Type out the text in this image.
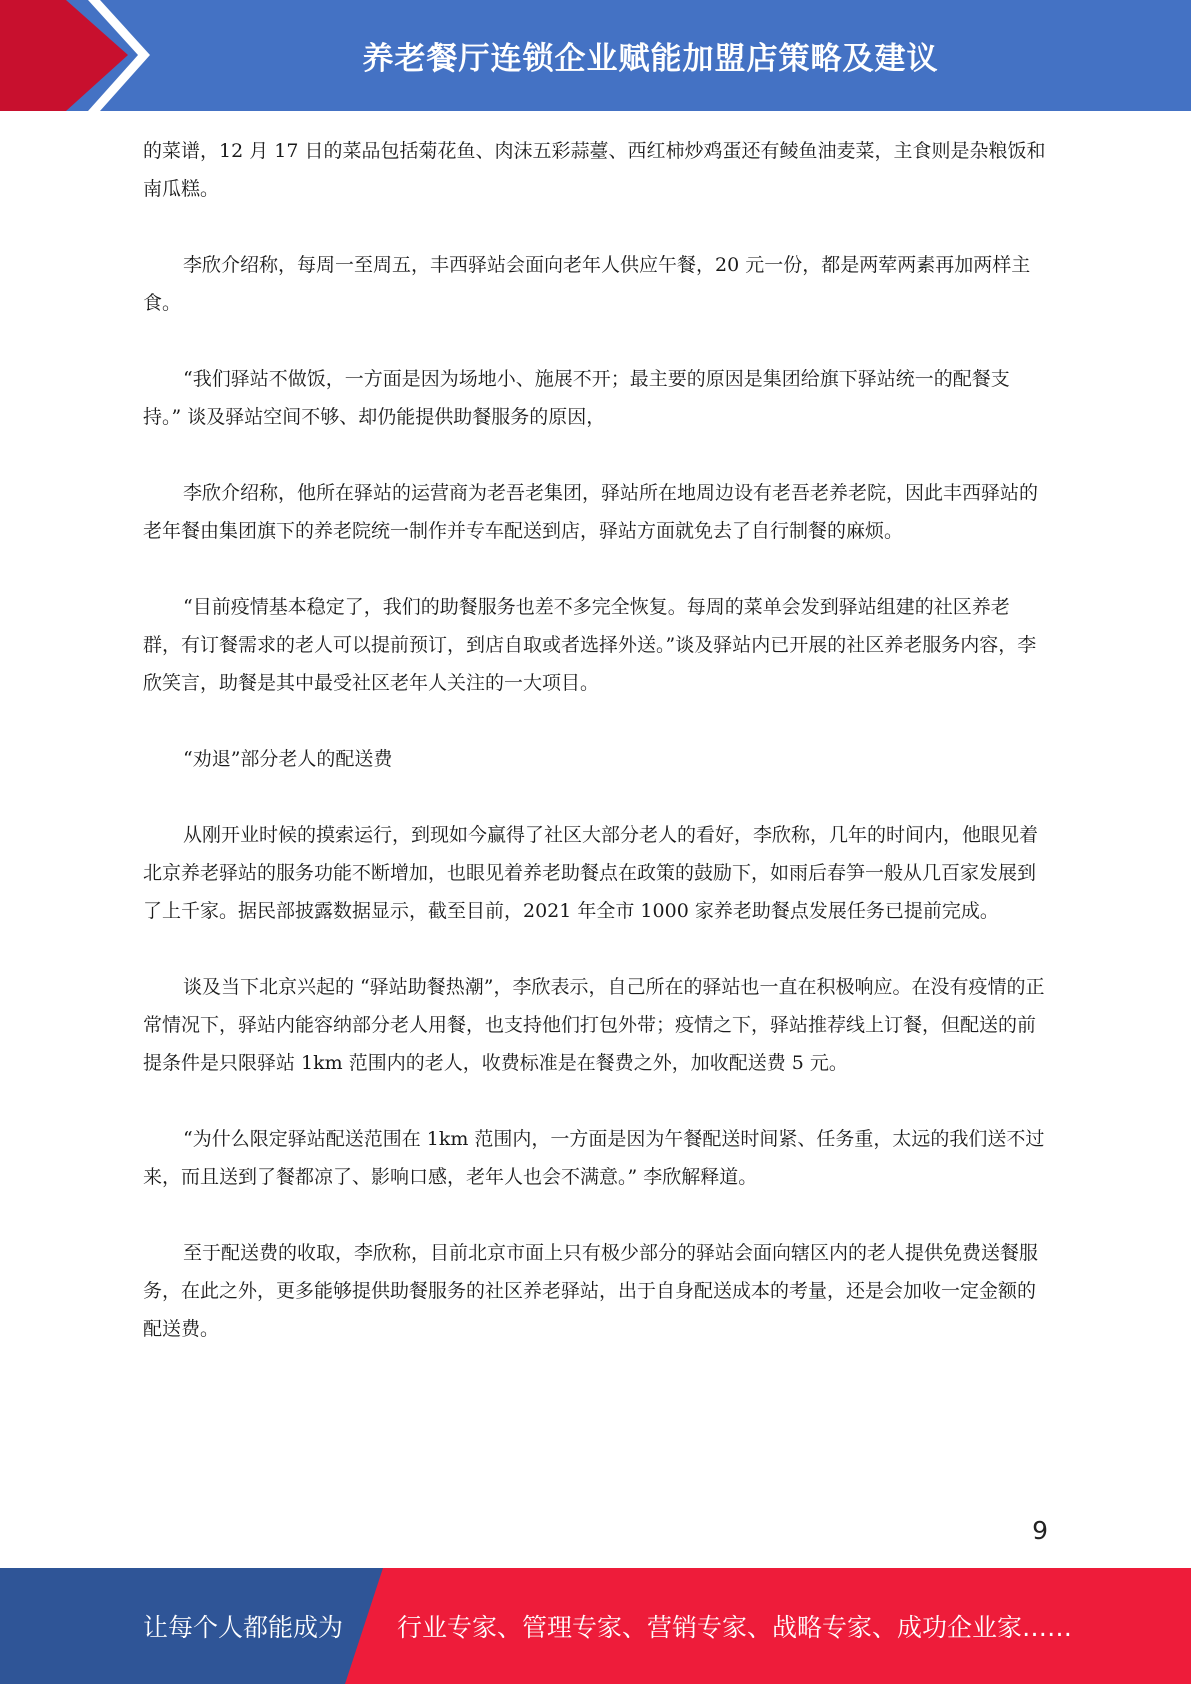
养老餐厅连锁企业赋能加盟店策略及建议

的菜谱，12 月 17 日的菜品包括菊花鱼、肉沫五彩蒜薹、西红柿炒鸡蛋还有鲮鱼油麦菜，主食则是杂粮饭和南瓜糕。

李欣介绍称，每周一至周五，丰西驿站会面向老年人供应午餐，20 元一份，都是两荤两素再加两样主食。

“我们驿站不做饭，一方面是因为场地小、施展不开；最主要的原因是集团给旗下驿站统一的配餐支持。” 谈及驿站空间不够、却仍能提供助餐服务的原因，

李欣介绍称，他所在驿站的运营商为老吾老集团，驿站所在地周边设有老吾老养老院，因此丰西驿站的老年餐由集团旗下的养老院统一制作并专车配送到店，驿站方面就免去了自行制餐的麻烦。

“目前疫情基本稳定了，我们的助餐服务也差不多完全恢复。每周的菜单会发到驿站组建的社区养老群，有订餐需求的老人可以提前预订，到店自取或者选择外送。”谈及驿站内已开展的社区养老服务内容，李欣笑言，助餐是其中最受社区老年人关注的一大项目。

“劝退”部分老人的配送费

从刚开业时候的摸索运行，到现如今赢得了社区大部分老人的看好，李欣称，几年的时间内，他眼见着北京养老驿站的服务功能不断增加，也眼见着养老助餐点在政策的鼓励下，如雨后春笋一般从几百家发展到了上千家。据民部披露数据显示，截至目前，2021 年全市 1000 家养老助餐点发展任务已提前完成。

谈及当下北京兴起的 “驿站助餐热潮”，李欣表示，自己所在的驿站也一直在积极响应。在没有疫情的正常情况下，驿站内能容纳部分老人用餐，也支持他们打包外带；疫情之下，驿站推荐线上订餐，但配送的前提条件是只限驿站 1km 范围内的老人，收费标准是在餐费之外，加收配送费 5 元。

“为什么限定驿站配送范围在 1km 范围内，一方面是因为午餐配送时间紧、任务重，太远的我们送不过来，而且送到了餐都凉了、影响口感，老年人也会不满意。” 李欣解释道。

至于配送费的收取，李欣称，目前北京市面上只有极少部分的驿站会面向辖区内的老人提供免费送餐服务，在此之外，更多能够提供助餐服务的社区养老驿站，出于自身配送成本的考量，还是会加收一定金额的配送费。

9
让每个人都能成为 行业专家、管理专家、营销专家、战略专家、成功企业家……
